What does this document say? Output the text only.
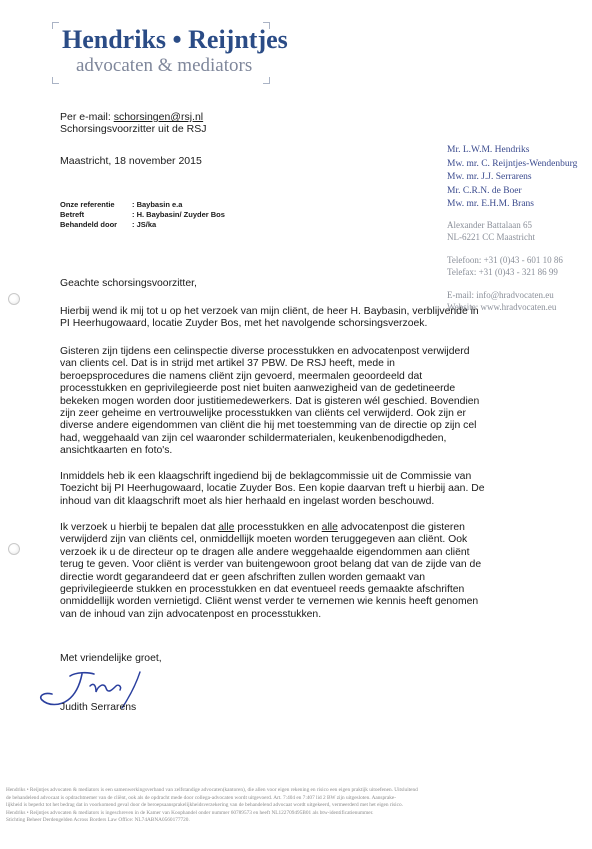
Hendriks • Reijntjes
advocaten & mediators
Per e-mail: schorsingen@rsj.nl
Schorsingsvoorzitter uit de RSJ
Maastricht, 18 november 2015
Onze referentie : Baybasin e.a
Betreft	: H. Baybasin/ Zuyder Bos
Behandeld door : JS/ka
Mr. L.W.M. Hendriks
Mw. mr. C. Reijntjes-Wendenburg
Mw. mr. J.J. Serrarens
Mr. C.R.N. de Boer
Mw. mr. E.H.M. Brans
Alexander Battalaan 65
NL-6221 CC Maastricht
Telefoon: +31 (0)43 - 601 10 86
Telefax: +31 (0)43 - 321 86 99
E-mail: info@hradvocaten.eu
Website: www.hradvocaten.eu
Geachte schorsingsvoorzitter,
Hierbij wend ik mij tot u op het verzoek van mijn cliënt, de heer H. Baybasin, verblijvende in
PI Heerhugowaard, locatie Zuyder Bos, met het navolgende schorsingsverzoek.
Gisteren zijn tijdens een celinspectie diverse processtukken en advocatenpost verwijderd
van clients cel. Dat is in strijd met artikel 37 PBW. De RSJ heeft, mede in
beroepsprocedures die namens cliënt zijn gevoerd, meermalen geoordeeld dat
processtukken en geprivilegieerde post niet buiten aanwezigheid van de gedetineerde
bekeken mogen worden door justitiemedewerkers. Dat is gisteren wél geschied. Bovendien
zijn zeer geheime en vertrouwelijke processtukken van cliënts cel verwijderd. Ook zijn er
diverse andere eigendommen van cliënt die hij met toestemming van de directie op zijn cel
had, weggehaald van zijn cel waaronder schildermaterialen, keukenbenodigdheden,
ansichtkaarten en foto's.
Inmiddels heb ik een klaagschrift ingediend bij de beklagcommissie uit de Commissie van
Toezicht bij PI Heerhugowaard, locatie Zuyder Bos. Een kopie daarvan treft u hierbij aan. De
inhoud van dit klaagschrift moet als hier herhaald en ingelast worden beschouwd.
Ik verzoek u hierbij te bepalen dat alle processtukken en alle advocatenpost die gisteren
verwijderd zijn van cliënts cel, onmiddellijk moeten worden teruggegeven aan cliënt. Ook
verzoek ik u de directeur op te dragen alle andere weggehaalde eigendommen aan cliënt
terug te geven. Voor cliënt is verder van buitengewoon groot belang dat van de zijde van de
directie wordt gegarandeerd dat er geen afschriften zullen worden gemaakt van
geprivilegieerde stukken en processtukken en dat eventueel reeds gemaakte afschriften
onmiddellijk worden vernietigd. Cliënt wenst verder te vernemen wie kennis heeft genomen
van de inhoud van zijn advocatenpost en processtukken.
Met vriendelijke groet,
Judith Serrarens
Hendriks • Reijntjes advocaten & mediators is een samenwerkingsverband van zelfstandige advocaten(kantoren), die allen voor eigen rekening en risico een eigen praktijk uitoefenen. Uitsluitend
de behandelend advocaat is opdrachtnemer van de cliënt, ook als de opdracht mede door collega-advocaten wordt uitgevoerd. Art. 7:404 en 7:407 lid 2 BW zijn uitgesloten. Aansprake-
lijkheid is beperkt tot het bedrag dat in voorkomend geval door de beroepsaansprakelijkheidsverzekering van de behandelend advocaat wordt uitgekeerd, vermeerderd met het eigen risico.
Hendriks • Reijntjes advocaten & mediators is ingeschreven in de Kamer van Koophandel onder nummer 60789573 en heeft NL122709495B01 als btw-identificatienummer.
Stichting Beheer Derdengelden Across Borders Law Office: NL74ABNA0560177720.
